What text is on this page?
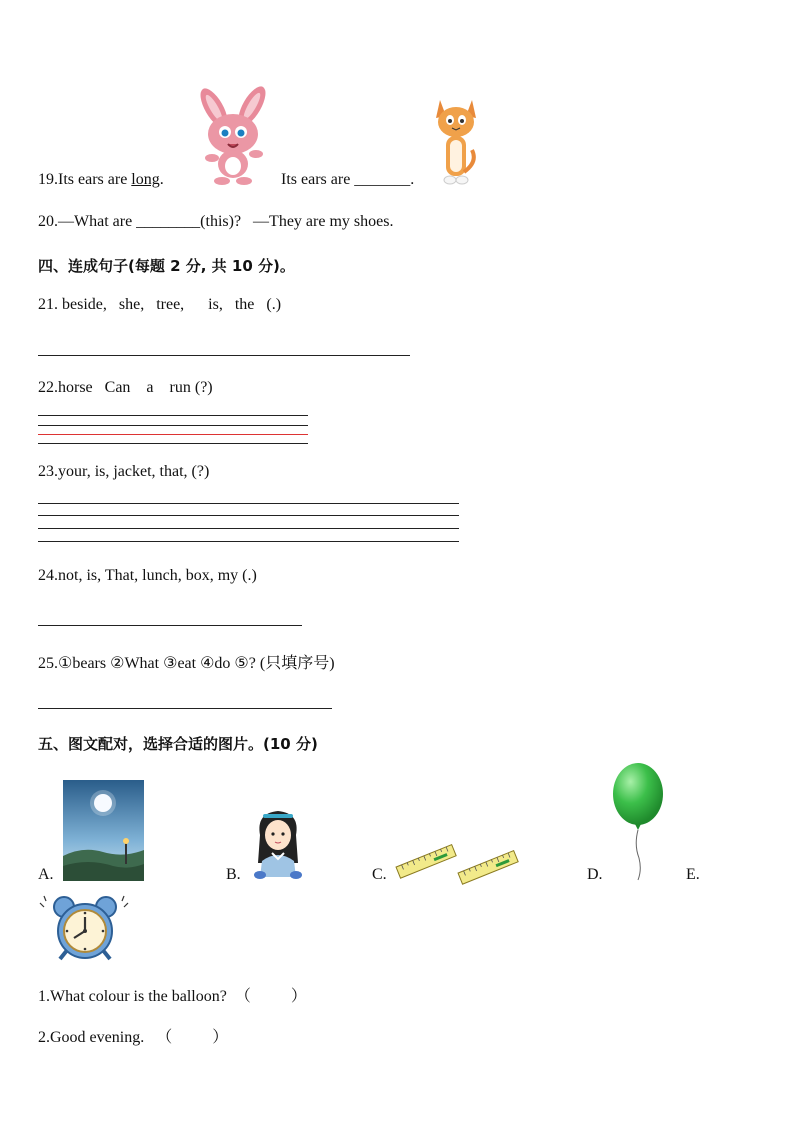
19.Its ears are long.	Its ears are _______.
20.—What are ________(this)?   —They are my shoes.
四、连成句子(每题 2 分, 共 10 分)。
21. beside,   she,   tree,      is,   the   (.)
22.horse   Can    a    run (?)
23.your, is, jacket, that, (?)
24.not, is, That, lunch, box, my (.)
25.①bears ②What ③eat ④do ⑤? (只填序号)
五、图文配对，选择合适的图片。(10 分)
A.	B.	C.	D.	E.
1.What colour is the balloon?  （          ）
2.Good evening.   （          ）
